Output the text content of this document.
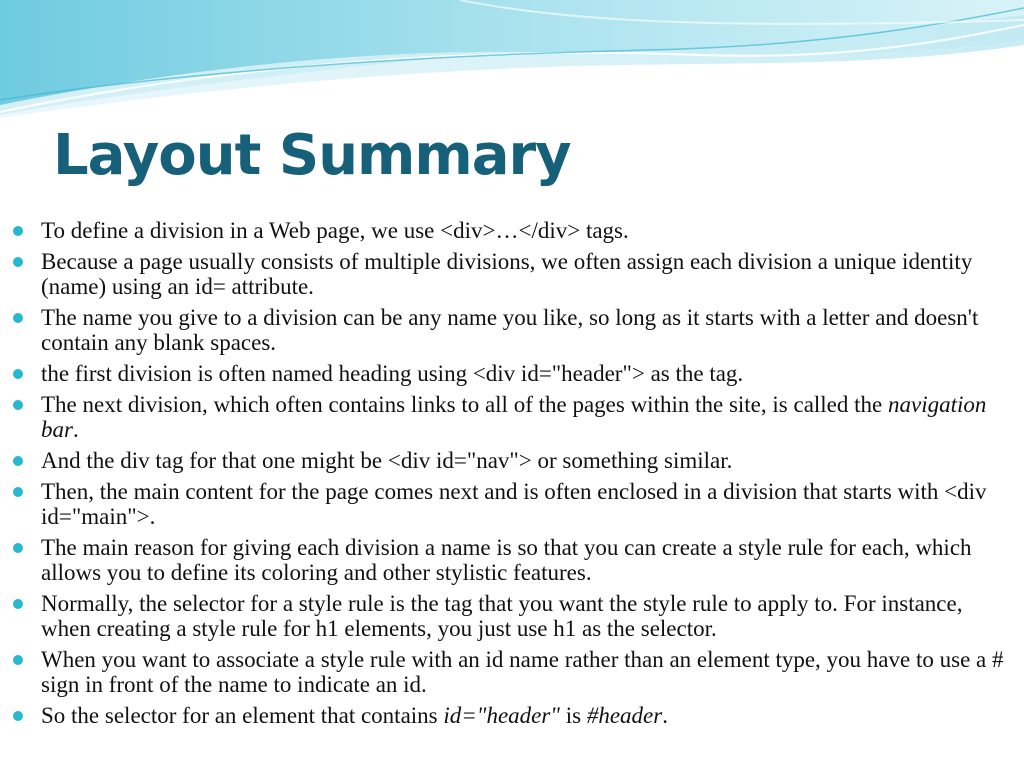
Layout Summary
To define a division in a Web page, we use <div>…</div> tags.
Because a page usually consists of multiple divisions, we often assign each division a unique identity (name) using an id= attribute.
The name you give to a division can be any name you like, so long as it starts with a letter and doesn't contain any blank spaces.
the first division is often named heading using <div id="header"> as the tag.
The next division, which often contains links to all of the pages within the site, is called the navigation bar.
And the div tag for that one might be <div id="nav"> or something similar.
Then, the main content for the page comes next and is often enclosed in a division that starts with <div id="main">.
The main reason for giving each division a name is so that you can create a style rule for each, which allows you to define its coloring and other stylistic features.
Normally, the selector for a style rule is the tag that you want the style rule to apply to. For instance, when creating a style rule for h1 elements, you just use h1 as the selector.
When you want to associate a style rule with an id name rather than an element type, you have to use a # sign in front of the name to indicate an id.
So the selector for an element that contains id="header" is #header.
